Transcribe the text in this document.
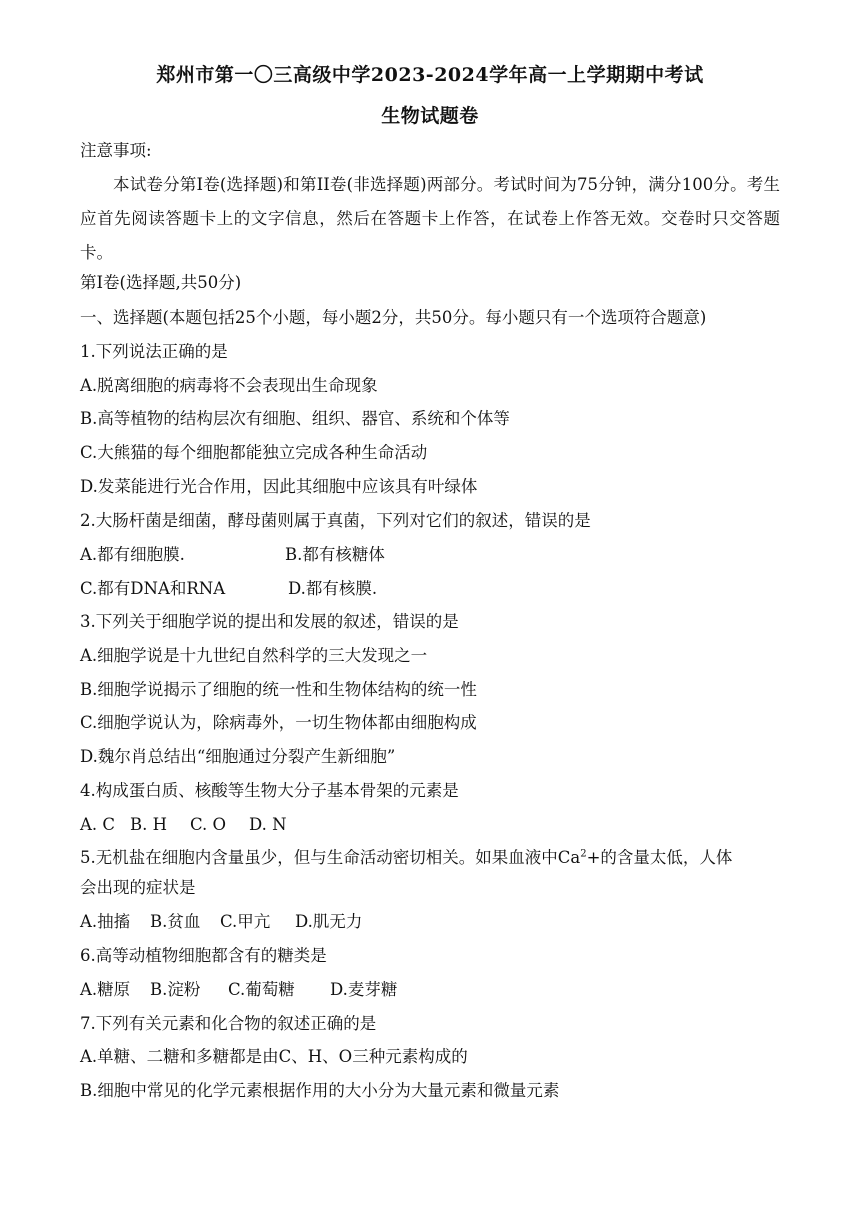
郑州市第一〇三高级中学2023-2024学年高一上学期期中考试
生物试题卷
注意事项:
本试卷分第I卷(选择题)和第II卷(非选择题)两部分。考试时间为75分钟，满分100分。考生应首先阅读答题卡上的文字信息，然后在答题卡上作答，在试卷上作答无效。交卷时只交答题卡。
第I卷(选择题,共50分)
一、选择题(本题包括25个小题，每小题2分，共50分。每小题只有一个选项符合题意)
1.下列说法正确的是
A.脱离细胞的病毒将不会表现出生命现象
B.高等植物的结构层次有细胞、组织、器官、系统和个体等
C.大熊猫的每个细胞都能独立完成各种生命活动
D.发菜能进行光合作用，因此其细胞中应该具有叶绿体
2.大肠杆菌是细菌，酵母菌则属于真菌，下列对它们的叙述，错误的是
A.都有细胞膜.	B.都有核糖体
C.都有DNA和RNA	D.都有核膜.
3.下列关于细胞学说的提出和发展的叙述，错误的是
A.细胞学说是十九世纪自然科学的三大发现之一
B.细胞学说揭示了细胞的统一性和生物体结构的统一性
C.细胞学说认为，除病毒外，一切生物体都由细胞构成
D.魏尔肖总结出“细胞通过分裂产生新细胞”
4.构成蛋白质、核酸等生物大分子基本骨架的元素是
A. C B. H C. O D. N
5.无机盐在细胞内含量虽少，但与生命活动密切相关。如果血液中$Ca^2+$的含量太低，人体
会出现的症状是
A.抽搐 B.贫血 C.甲亢 D.肌无力
6.高等动植物细胞都含有的糖类是
A.糖原 B.淀粉 C.葡萄糖 D.麦芽糖
7.下列有关元素和化合物的叙述正确的是
A.单糖、二糖和多糖都是由C、H、O三种元素构成的
B.细胞中常见的化学元素根据作用的大小分为大量元素和微量元素
